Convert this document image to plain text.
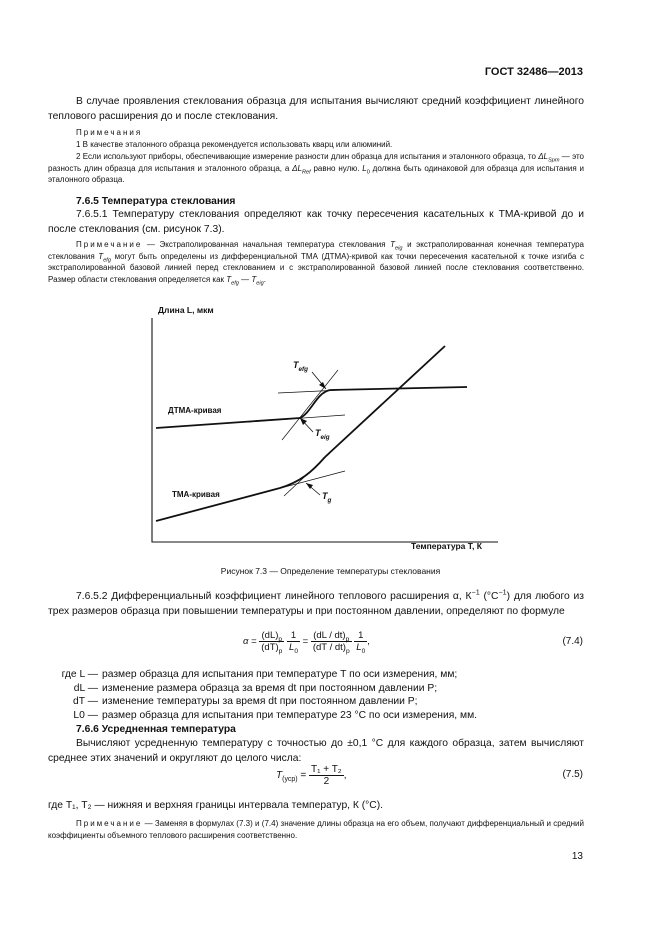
ГОСТ 32486—2013
В случае проявления стеклования образца для испытания вычисляют средний коэффициент линейного теплового расширения до и после стеклования.
Примечания
1 В качестве эталонного образца рекомендуется использовать кварц или алюминий.
2 Если используют приборы, обеспечивающие измерение разности длин образца для испытания и эталонного образца, то $\Delta L_{Spm}$ — это разность длин образца для испытания и эталонного образца, а $\Delta L_{Ref}$ равно нулю. $L_0$ должна быть одинаковой для образца для испытания и эталонного образца.
7.6.5 Температура стеклования
7.6.5.1 Температуру стеклования определяют как точку пересечения касательных к ТМА-кривой до и после стеклования (см. рисунок 7.3).
Примечание — Экстраполированная начальная температура стеклования $T_{eig}$ и экстраполированная конечная температура стеклования $T_{efg}$ могут быть определены из дифференциальной ТМА (ДТМА)-кривой как точки пересечения касательной к точке изгиба с экстраполированной базовой линией перед стеклованием и с экстраполированной базовой линией после стеклования соответственно. Размер области стеклования определяется как $T_{efg}$ — $T_{eig}$.
Длина L, мкм
Температура T, К
ДТМА-кривая
ТМА-кривая
$T_{efg}$
$T_{eig}$
$T_g$
Рисунок 7.3 — Определение температуры стеклования
7.6.5.2 Дифференциальный коэффициент линейного теплового расширения α, $К^{-1}$ $(^\circ С^{-1})$ для любого из трех размеров образца при повышении температуры и при постоянном давлении, определяют по формуле
$\alpha = \frac{(dL)_p}{(dT)_p}$
$\frac{1}{L_0} = \frac{(dL / dt)_p}{(dT / dt)_p}$
$\frac{1}{L_0}$ ,	(7.4)
где L — размер образца для испытания при температуре T по оси измерения, мм;
dL — изменение размера образца за время dt при постоянном давлении P;
dT — изменение температуры за время dt при постоянном давлении P;
L0 — размер образца для испытания при температуре 23 °С по оси измерения, мм.
7.6.6 Усредненная температура
Вычисляют усредненную температуру с точностью до ±0,1 °С для каждого образца, затем вычисляют среднее этих значений и округляют до целого числа:
$T_{(уср)} = \frac{\text{T₁ + T₂}}{2}$ ,	(7.5)
где T₁, T₂ — нижняя и верхняя границы интервала температур, К (°С).
Примечание — Заменяя в формулах (7.3) и (7.4) значение длины образца на его объем, получают дифференциальный и средний коэффициенты объемного теплового расширения соответственно.
13
